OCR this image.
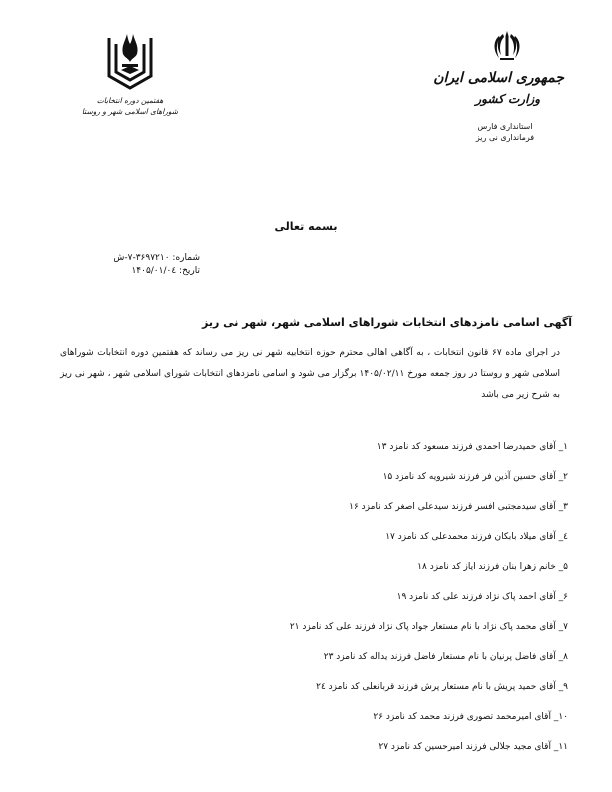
هفتمین دوره انتخابات
شوراهای اسلامی شهر و روستا
جمهوری اسلامی ایران
وزارت کشور
استانداری فارس
فرمانداری نی ریز
بسمه تعالی
شماره: ۳۶۹۷۲۱۰-۷-ش
تاریخ: ۱۴۰۵/۰۱/۰٤
آگهی اسامی نامزدهای انتخابات شوراهای اسلامی شهر، شهر نی ریز
در اجرای ماده ۶۷ قانون انتخابات ، به آگاهی اهالی محترم حوزه انتخابیه شهر نی ریز می رساند که هفتمین دوره انتخابات شوراهای اسلامی شهر و روستا در روز جمعه مورخ ۱۴۰۵/۰۲/۱۱ برگزار می شود و اسامی نامزدهای انتخابات شورای اسلامی شهر ، شهر نی ریز به شرح زیر می باشد
۱_ آقای حمیدرضا احمدی فرزند مسعود کد نامزد ۱۳
۲_ آقای حسین آذین فر فرزند شیرویه کد نامزد ۱۵
۳_ آقای سیدمجتبی افسر فرزند سیدعلی اصغر کد نامزد ۱۶
٤_ آقای میلاد بابکان فرزند محمدعلی کد نامزد ۱۷
۵_ خانم زهرا بنان فرزند ایاز کد نامزد ۱۸
۶_ آقای احمد پاک نژاد فرزند علی کد نامزد ۱۹
۷_ آقای محمد پاک نژاد با نام مستعار جواد پاک نژاد فرزند علی کد نامزد ۲۱
۸_ آقای فاضل پرنیان با نام مستعار فاضل فرزند یداله کد نامزد ۲۳
۹_ آقای حمید پریش با نام مستعار پرش فرزند قربانعلی کد نامزد ۲٤
۱۰_ آقای امیرمحمد تصوری فرزند محمد کد نامزد ۲۶
۱۱_ آقای مجید جلالی فرزند امیرحسین کد نامزد ۲۷
